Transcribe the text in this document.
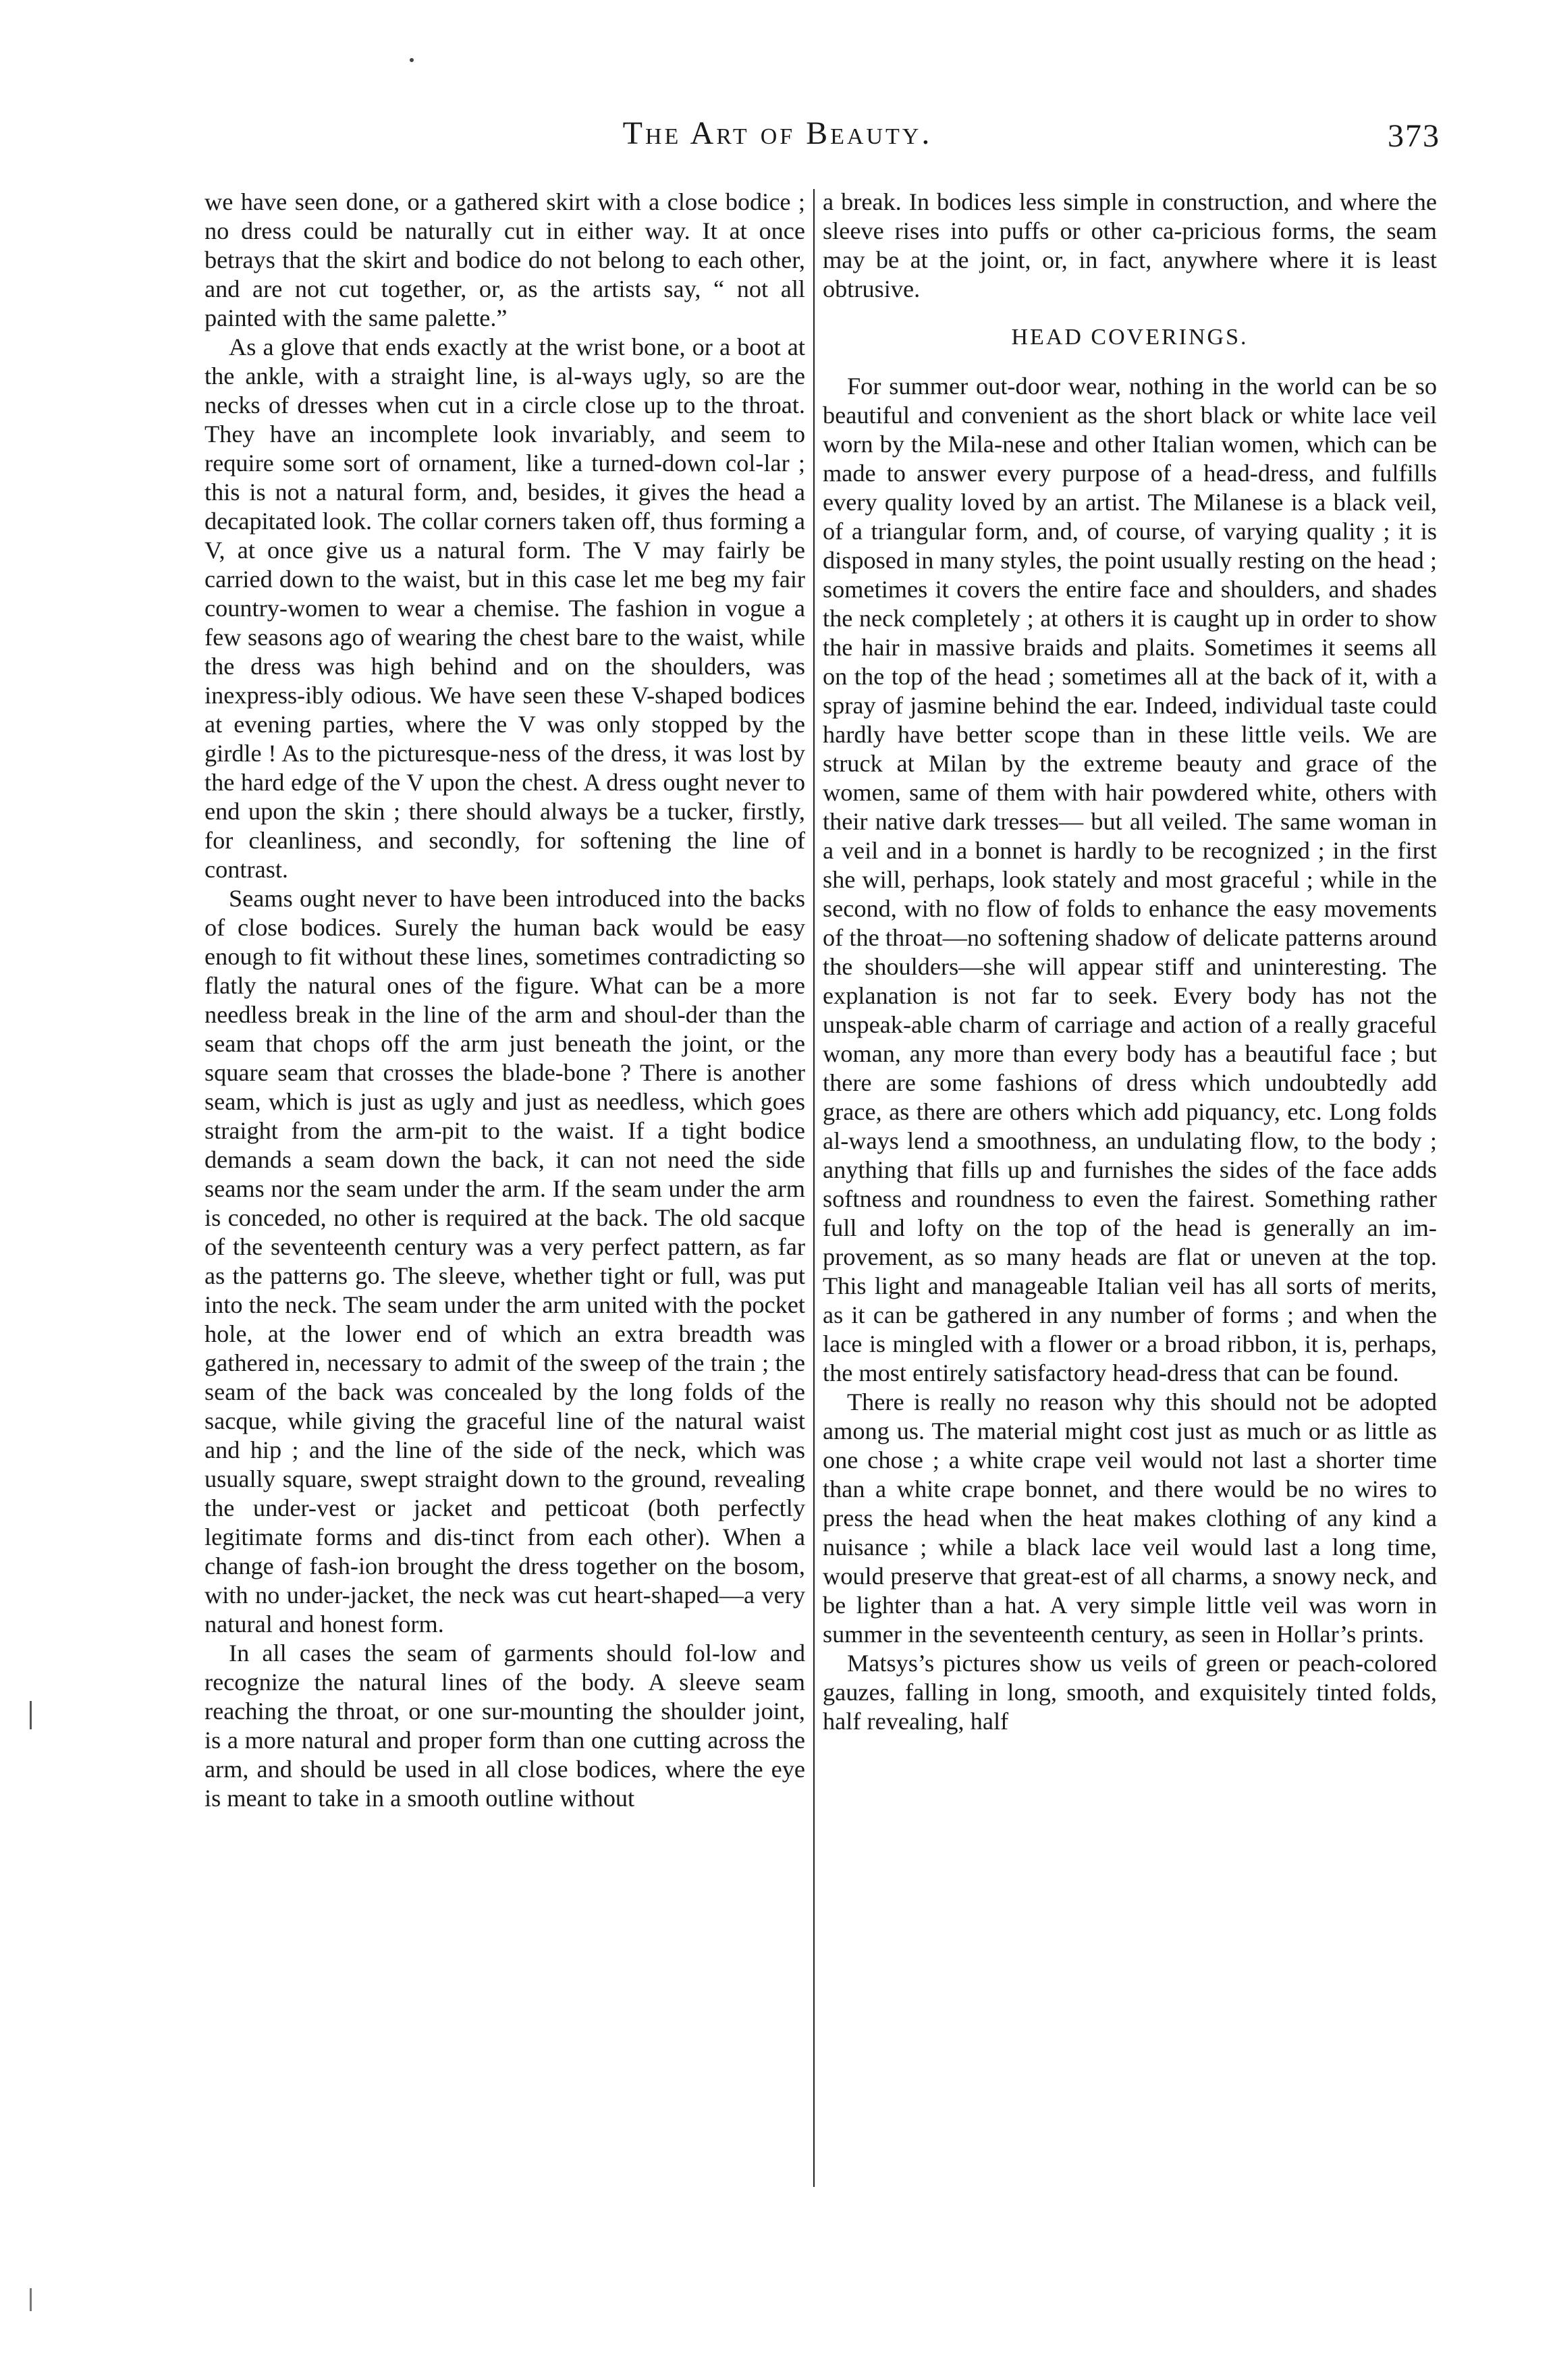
The Art of Beauty.	373

we have seen done, or a gathered skirt with a close bodice ; no dress could be naturally cut in either way. It at once betrays that the skirt and bodice do not belong to each other, and are not cut together, or, as the artists say, “ not all painted with the same palette.”

As a glove that ends exactly at the wrist bone, or a boot at the ankle, with a straight line, is al-ways ugly, so are the necks of dresses when cut in a circle close up to the throat. They have an incomplete look invariably, and seem to require some sort of ornament, like a turned-down col-lar ; this is not a natural form, and, besides, it gives the head a decapitated look. The collar corners taken off, thus forming a V, at once give us a natural form. The V may fairly be carried down to the waist, but in this case let me beg my fair country-women to wear a chemise. The fashion in vogue a few seasons ago of wearing the chest bare to the waist, while the dress was high behind and on the shoulders, was inexpress-ibly odious. We have seen these V-shaped bodices at evening parties, where the V was only stopped by the girdle ! As to the picturesque-ness of the dress, it was lost by the hard edge of the V upon the chest. A dress ought never to end upon the skin ; there should always be a tucker, firstly, for cleanliness, and secondly, for softening the line of contrast.

Seams ought never to have been introduced into the backs of close bodices. Surely the human back would be easy enough to fit without these lines, sometimes contradicting so flatly the natural ones of the figure. What can be a more needless break in the line of the arm and shoul-der than the seam that chops off the arm just beneath the joint, or the square seam that crosses the blade-bone ? There is another seam, which is just as ugly and just as needless, which goes straight from the arm-pit to the waist. If a tight bodice demands a seam down the back, it can not need the side seams nor the seam under the arm. If the seam under the arm is conceded, no other is required at the back. The old sacque of the seventeenth century was a very perfect pattern, as far as the patterns go. The sleeve, whether tight or full, was put into the neck. The seam under the arm united with the pocket hole, at the lower end of which an extra breadth was gathered in, necessary to admit of the sweep of the train ; the seam of the back was concealed by the long folds of the sacque, while giving the graceful line of the natural waist and hip ; and the line of the side of the neck, which was usually square, swept straight down to the ground, revealing the under-vest or jacket and petticoat (both perfectly legitimate forms and dis-tinct from each other). When a change of fash-ion brought the dress together on the bosom, with no under-jacket, the neck was cut heart-shaped—a very natural and honest form.

In all cases the seam of garments should fol-low and recognize the natural lines of the body. A sleeve seam reaching the throat, or one sur-mounting the shoulder joint, is a more natural and proper form than one cutting across the arm, and should be used in all close bodices, where the eye is meant to take in a smooth outline without

a break. In bodices less simple in construction, and where the sleeve rises into puffs or other ca-pricious forms, the seam may be at the joint, or, in fact, anywhere where it is least obtrusive.

HEAD COVERINGS.

For summer out-door wear, nothing in the world can be so beautiful and convenient as the short black or white lace veil worn by the Mila-nese and other Italian women, which can be made to answer every purpose of a head-dress, and fulfills every quality loved by an artist. The Milanese is a black veil, of a triangular form, and, of course, of varying quality ; it is disposed in many styles, the point usually resting on the head ; sometimes it covers the entire face and shoulders, and shades the neck completely ; at others it is caught up in order to show the hair in massive braids and plaits. Sometimes it seems all on the top of the head ; sometimes all at the back of it, with a spray of jasmine behind the ear. Indeed, individual taste could hardly have better scope than in these little veils. We are struck at Milan by the extreme beauty and grace of the women, same of them with hair powdered white, others with their native dark tresses— but all veiled. The same woman in a veil and in a bonnet is hardly to be recognized ; in the first she will, perhaps, look stately and most graceful ; while in the second, with no flow of folds to enhance the easy movements of the throat—no softening shadow of delicate patterns around the shoulders—she will appear stiff and uninteresting. The explanation is not far to seek. Every body has not the unspeak-able charm of carriage and action of a really graceful woman, any more than every body has a beautiful face ; but there are some fashions of dress which undoubtedly add grace, as there are others which add piquancy, etc. Long folds al-ways lend a smoothness, an undulating flow, to the body ; anything that fills up and furnishes the sides of the face adds softness and roundness to even the fairest. Something rather full and lofty on the top of the head is generally an im-provement, as so many heads are flat or uneven at the top. This light and manageable Italian veil has all sorts of merits, as it can be gathered in any number of forms ; and when the lace is mingled with a flower or a broad ribbon, it is, perhaps, the most entirely satisfactory head-dress that can be found.

There is really no reason why this should not be adopted among us. The material might cost just as much or as little as one chose ; a white crape veil would not last a shorter time than a white crape bonnet, and there would be no wires to press the head when the heat makes clothing of any kind a nuisance ; while a black lace veil would last a long time, would preserve that great-est of all charms, a snowy neck, and be lighter than a hat. A very simple little veil was worn in summer in the seventeenth century, as seen in Hollar’s prints.

Matsys’s pictures show us veils of green or peach-colored gauzes, falling in long, smooth, and exquisitely tinted folds, half revealing, half
